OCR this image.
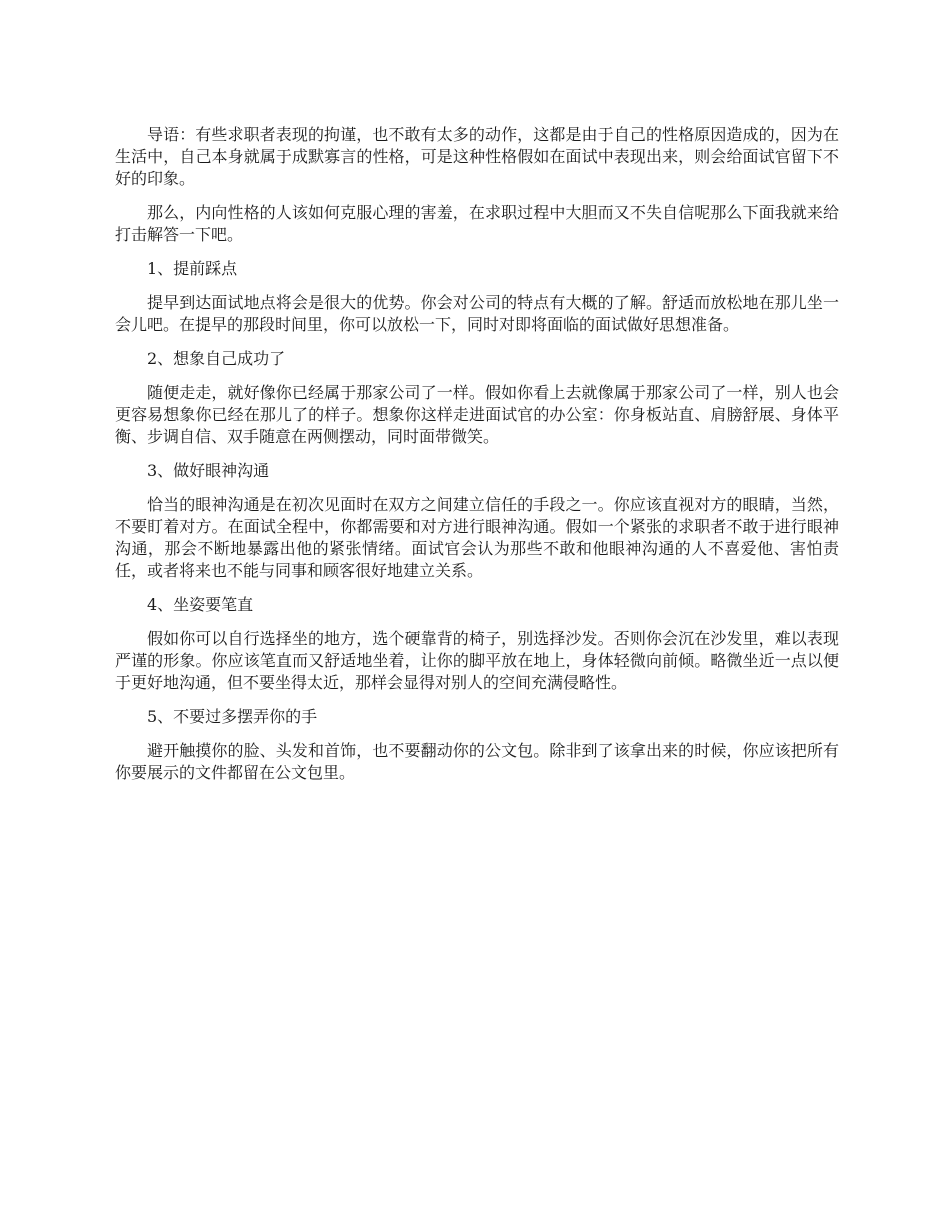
导语：有些求职者表现的拘谨，也不敢有太多的动作，这都是由于自己的性格原因造成的，因为在生活中，自己本身就属于成默寡言的性格，可是这种性格假如在面试中表现出来，则会给面试官留下不好的印象。

那么，内向性格的人该如何克服心理的害羞，在求职过程中大胆而又不失自信呢那么下面我就来给打击解答一下吧。

1、提前踩点

提早到达面试地点将会是很大的优势。你会对公司的特点有大概的了解。舒适而放松地在那儿坐一会儿吧。在提早的那段时间里，你可以放松一下，同时对即将面临的面试做好思想准备。

2、想象自己成功了

随便走走，就好像你已经属于那家公司了一样。假如你看上去就像属于那家公司了一样，别人也会更容易想象你已经在那儿了的样子。想象你这样走进面试官的办公室：你身板站直、肩膀舒展、身体平衡、步调自信、双手随意在两侧摆动，同时面带微笑。

3、做好眼神沟通

恰当的眼神沟通是在初次见面时在双方之间建立信任的手段之一。你应该直视对方的眼睛，当然，不要盯着对方。在面试全程中，你都需要和对方进行眼神沟通。假如一个紧张的求职者不敢于进行眼神沟通，那会不断地暴露出他的紧张情绪。面试官会认为那些不敢和他眼神沟通的人不喜爱他、害怕责任，或者将来也不能与同事和顾客很好地建立关系。

4、坐姿要笔直

假如你可以自行选择坐的地方，选个硬靠背的椅子，别选择沙发。否则你会沉在沙发里，难以表现严谨的形象。你应该笔直而又舒适地坐着，让你的脚平放在地上，身体轻微向前倾。略微坐近一点以便于更好地沟通，但不要坐得太近，那样会显得对别人的空间充满侵略性。

5、不要过多摆弄你的手

避开触摸你的脸、头发和首饰，也不要翻动你的公文包。除非到了该拿出来的时候，你应该把所有你要展示的文件都留在公文包里。
